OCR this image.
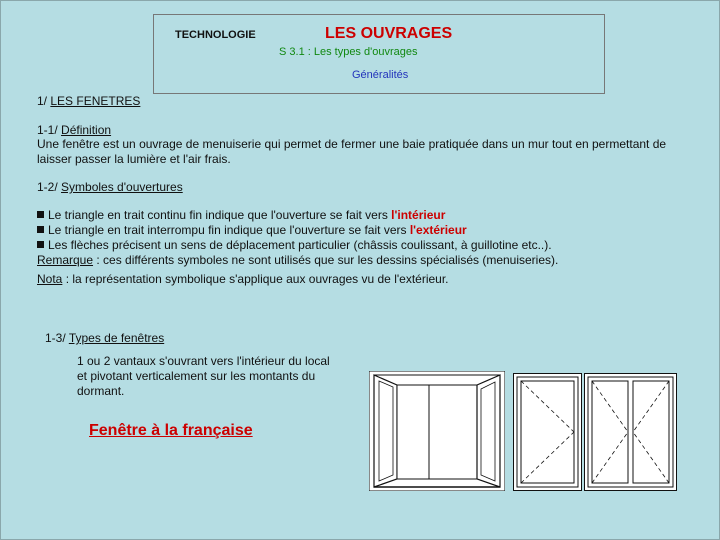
TECHNOLOGIE	LES OUVRAGES
S 3.1 : Les types d'ouvrages
Généralités
1/ LES FENETRES
1-1/ Définition
Une fenêtre est un ouvrage de menuiserie qui permet de fermer une baie pratiquée dans un mur tout en permettant de
laisser passer la lumière et l'air frais.
1-2/ Symboles d'ouvertures
Le triangle en trait continu fin indique que l'ouverture se fait vers l'intérieur
Le triangle en trait interrompu fin indique que l'ouverture se fait vers l'extérieur
Les flèches précisent un sens de déplacement particulier (châssis coulissant, à guillotine etc..).
Remarque : ces différents symboles ne sont utilisés que sur les dessins spécialisés (menuiseries).
Nota : la représentation symbolique s'applique aux ouvrages vu de l'extérieur.
1-3/ Types de fenêtres
1 ou 2 vantaux s'ouvrant vers l'intérieur du local
et pivotant verticalement sur les montants du
dormant.
Fenêtre à la française
